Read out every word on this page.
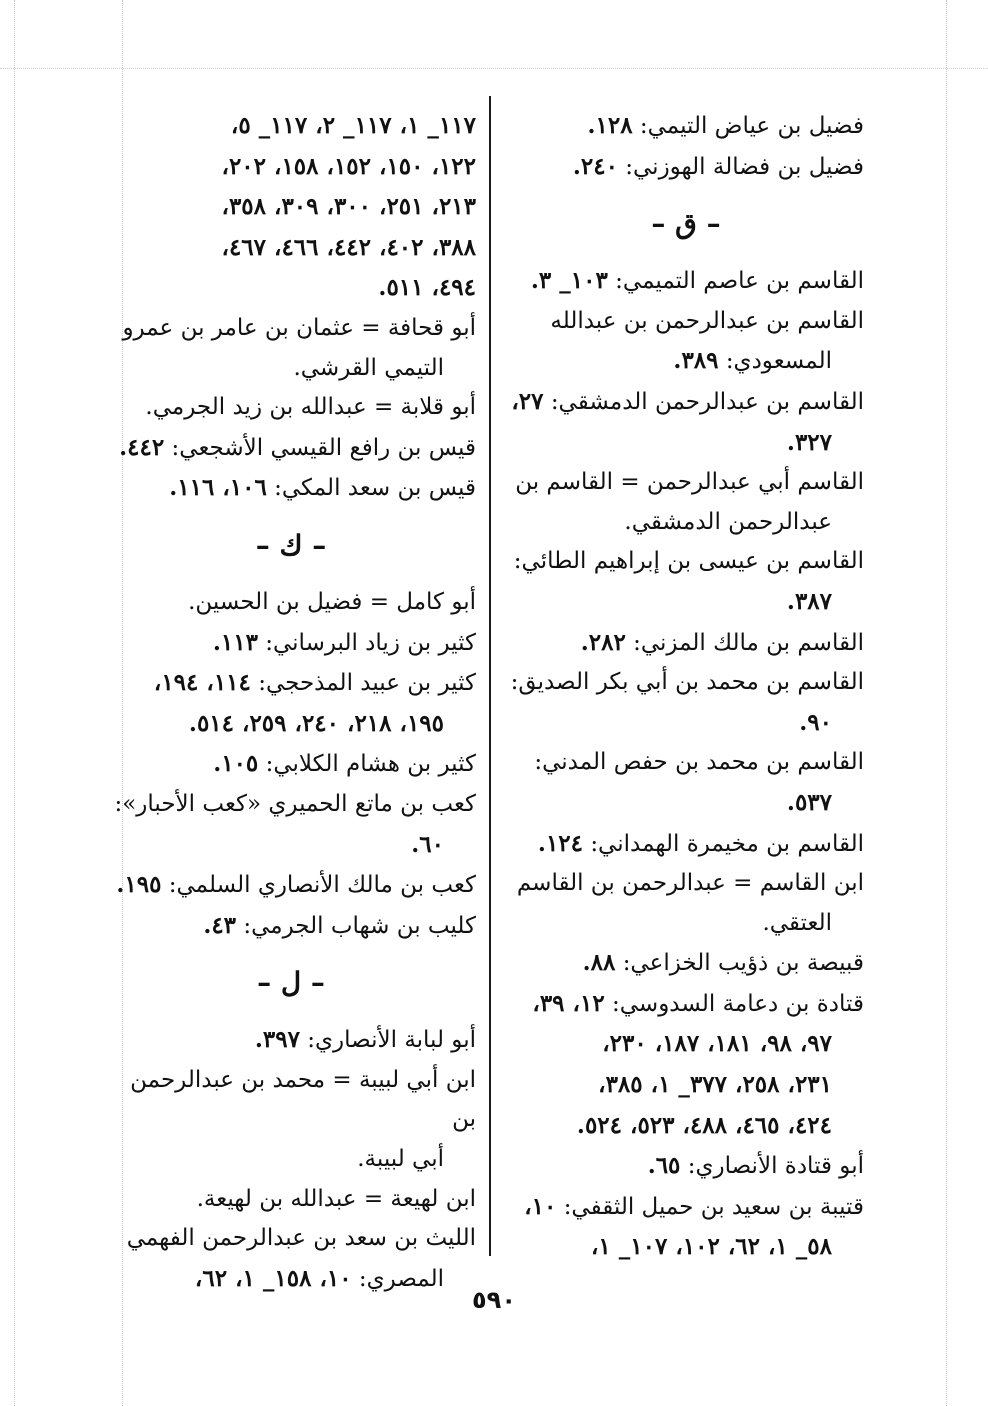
فضيل بن عياض التيمي: ١٢٨.
فضيل بن فضالة الهوزني: ٢٤٠.
– ق –
القاسم بن عاصم التميمي: ١٠٣_ ٣.
القاسم بن عبدالرحمن بن عبدالله
المسعودي: ٣٨٩.
القاسم بن عبدالرحمن الدمشقي: ٢٧،
٣٢٧.
القاسم أبي عبدالرحمن = القاسم بن
عبدالرحمن الدمشقي.
القاسم بن عيسى بن إبراهيم الطائي:
٣٨٧.
القاسم بن مالك المزني: ٢٨٢.
القاسم بن محمد بن أبي بكر الصديق:
٩٠.
القاسم بن محمد بن حفص المدني:
٥٣٧.
القاسم بن مخيمرة الهمداني: ١٢٤.
ابن القاسم = عبدالرحمن بن القاسم
العتقي.
قبيصة بن ذؤيب الخزاعي: ٨٨.
قتادة بن دعامة السدوسي: ١٢، ٣٩،
٩٧، ٩٨، ١٨١، ١٨٧، ٢٣٠،
٢٣١، ٢٥٨، ٣٧٧_ ١، ٣٨٥،
٤٢٤، ٤٦٥، ٤٨٨، ٥٢٣، ٥٢٤.
أبو قتادة الأنصاري: ٦٥.
قتيبة بن سعيد بن حميل الثقفي: ١٠،
٥٨_ ١، ٦٢، ١٠٢، ١٠٧_ ١،
١١٧_ ١، ١١٧_ ٢، ١١٧_ ٥،
١٢٢، ١٥٠، ١٥٢، ١٥٨، ٢٠٢،
٢١٣، ٢٥١، ٣٠٠، ٣٠٩، ٣٥٨،
٣٨٨، ٤٠٢، ٤٤٢، ٤٦٦، ٤٦٧،
٤٩٤، ٥١١.
أبو قحافة = عثمان بن عامر بن عمرو
التيمي القرشي.
أبو قلابة = عبدالله بن زيد الجرمي.
قيس بن رافع القيسي الأشجعي: ٤٤٢.
قيس بن سعد المكي: ١٠٦، ١١٦.
– ك –
أبو كامل = فضيل بن الحسين.
كثير بن زياد البرساني: ١١٣.
كثير بن عبيد المذحجي: ١١٤، ١٩٤،
١٩٥، ٢١٨، ٢٤٠، ٢٥٩، ٥١٤.
كثير بن هشام الكلابي: ١٠٥.
كعب بن ماتع الحميري «كعب الأحبار»:
٦٠.
كعب بن مالك الأنصاري السلمي: ١٩٥.
كليب بن شهاب الجرمي: ٤٣.
– ل –
أبو لبابة الأنصاري: ٣٩٧.
ابن أبي لبيبة = محمد بن عبدالرحمن بن
أبي لبيبة.
ابن لهيعة = عبدالله بن لهيعة.
الليث بن سعد بن عبدالرحمن الفهمي
المصري: ١٠، ١٥٨_ ١، ٦٢،
٥٩٠
